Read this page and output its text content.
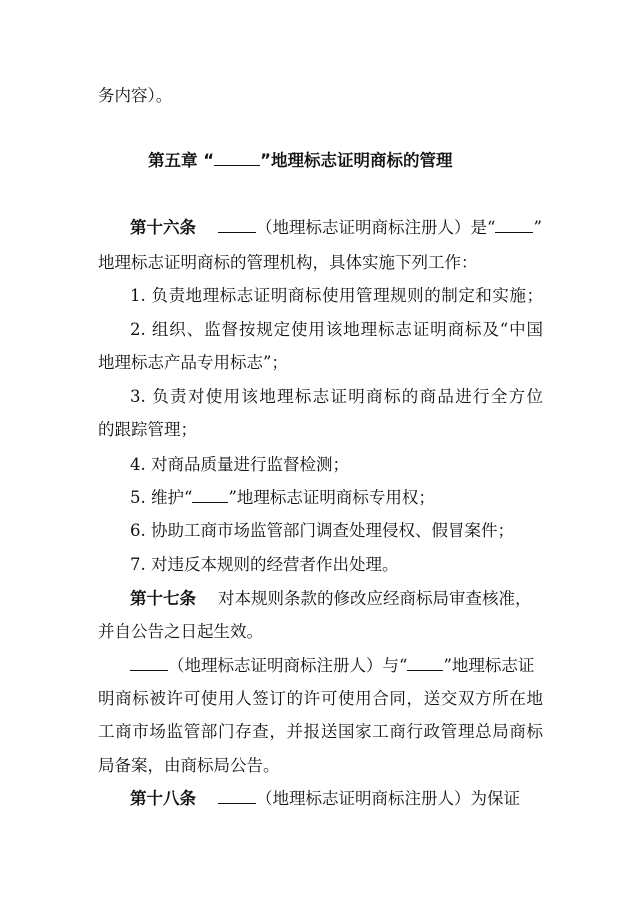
务内容）。
第五章 “	”地理标志证明商标的管理
第十六条	（地理标志证明商标注册人）是“ ”
地理标志证明商标的管理机构，具体实施下列工作：
1. 负责地理标志证明商标使用管理规则的制定和实施；
2. 组织、监督按规定使用该地理标志证明商标及“中国
地理标志产品专用标志”；
3. 负责对使用该地理标志证明商标的商品进行全方位
的跟踪管理；
4. 对商品质量进行监督检测；
5. 维护“ ”地理标志证明商标专用权；
6. 协助工商市场监管部门调查处理侵权、假冒案件；
7. 对违反本规则的经营者作出处理。
第十七条 对本规则条款的修改应经商标局审查核准，
并自公告之日起生效。
（地理标志证明商标注册人）与“ ”地理标志证
明商标被许可使用人签订的许可使用合同，送交双方所在地
工商市场监管部门存查，并报送国家工商行政管理总局商标
局备案，由商标局公告。
第十八条	（地理标志证明商标注册人）为保证
